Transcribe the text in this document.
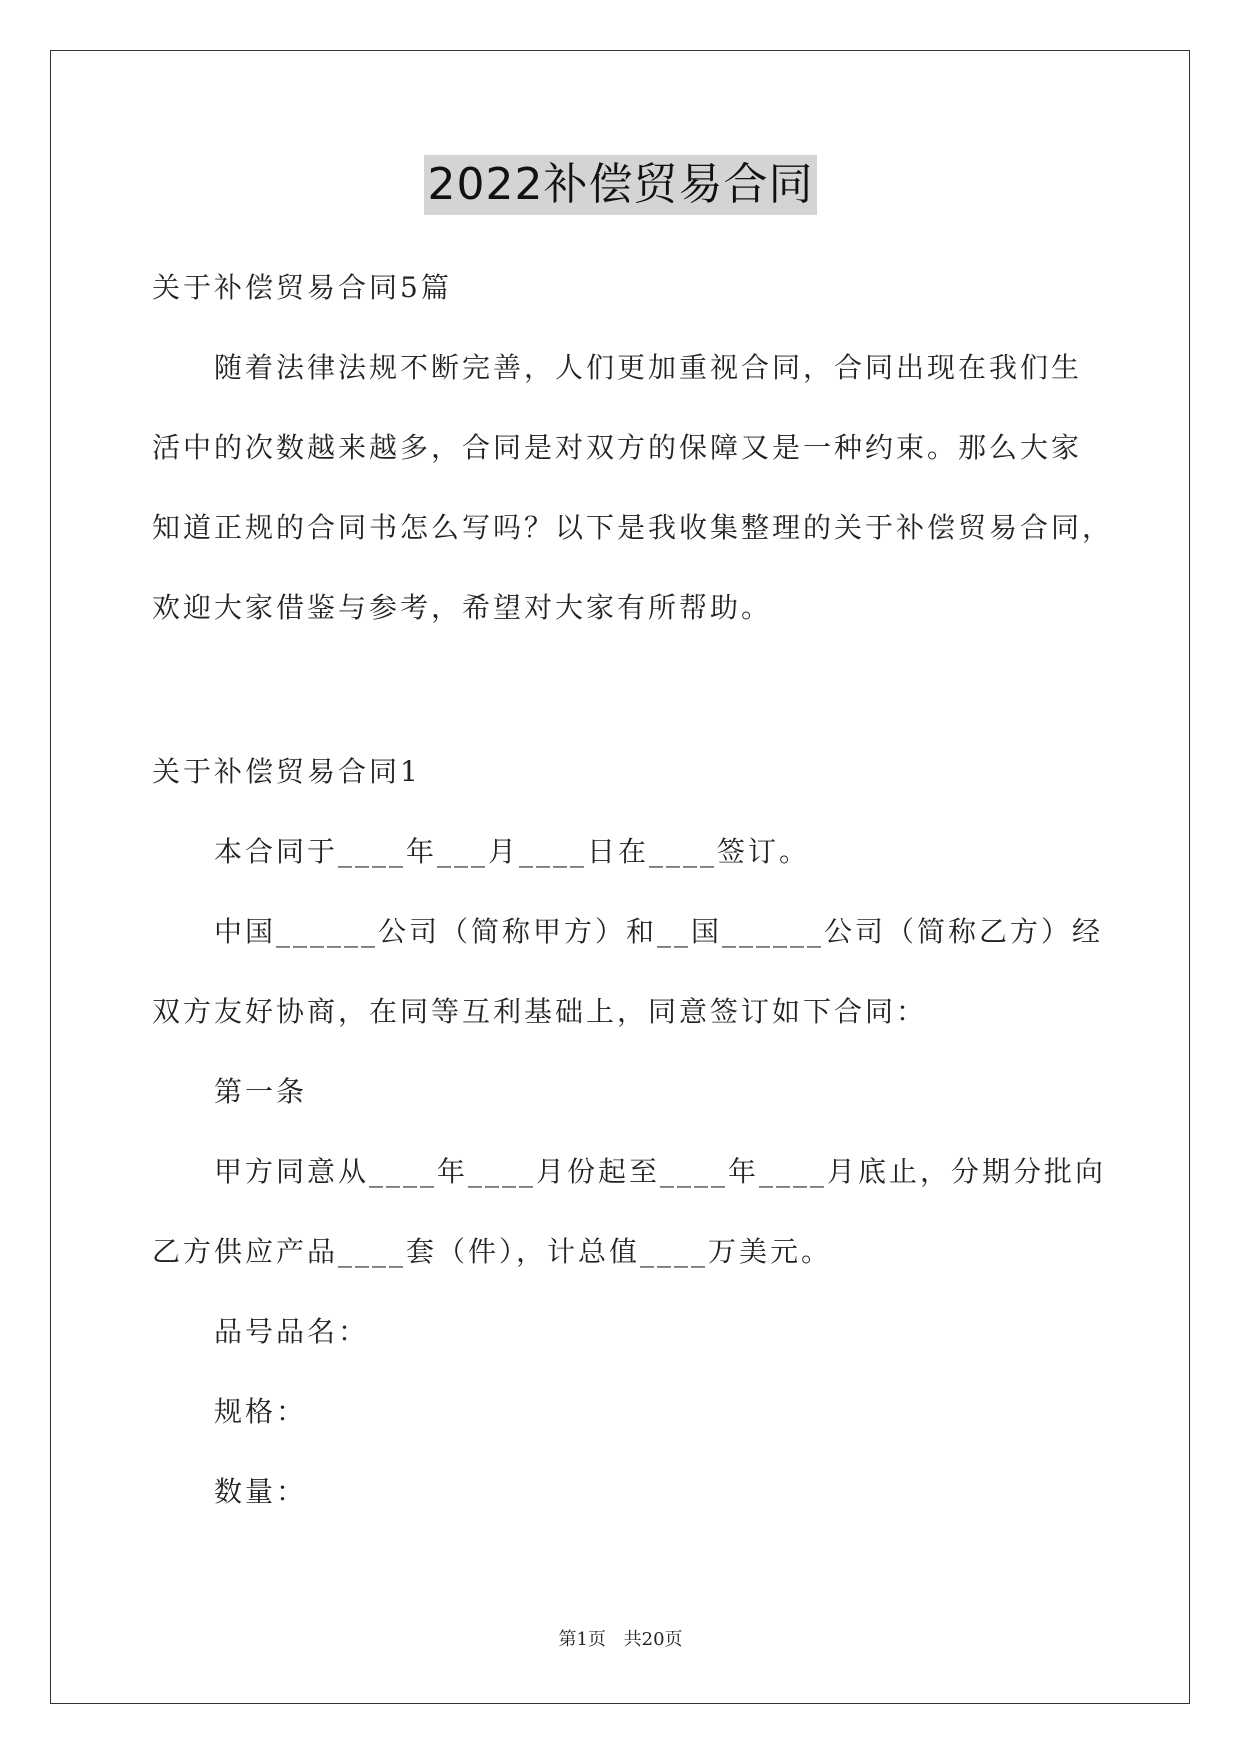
2022补偿贸易合同
关于补偿贸易合同5篇
随着法律法规不断完善，人们更加重视合同，合同出现在我们生
活中的次数越来越多，合同是对双方的保障又是一种约束。那么大家
知道正规的合同书怎么写吗？以下是我收集整理的关于补偿贸易合同，
欢迎大家借鉴与参考，希望对大家有所帮助。
关于补偿贸易合同1
本合同于____年___月____日在____签订。
中国______公司（简称甲方）和__国______公司（简称乙方）经
双方友好协商，在同等互利基础上，同意签订如下合同：
第一条
甲方同意从____年____月份起至____年____月底止，分期分批向
乙方供应产品____套（件），计总值____万美元。
品号品名：
规格：
数量：
第1页 共20页
